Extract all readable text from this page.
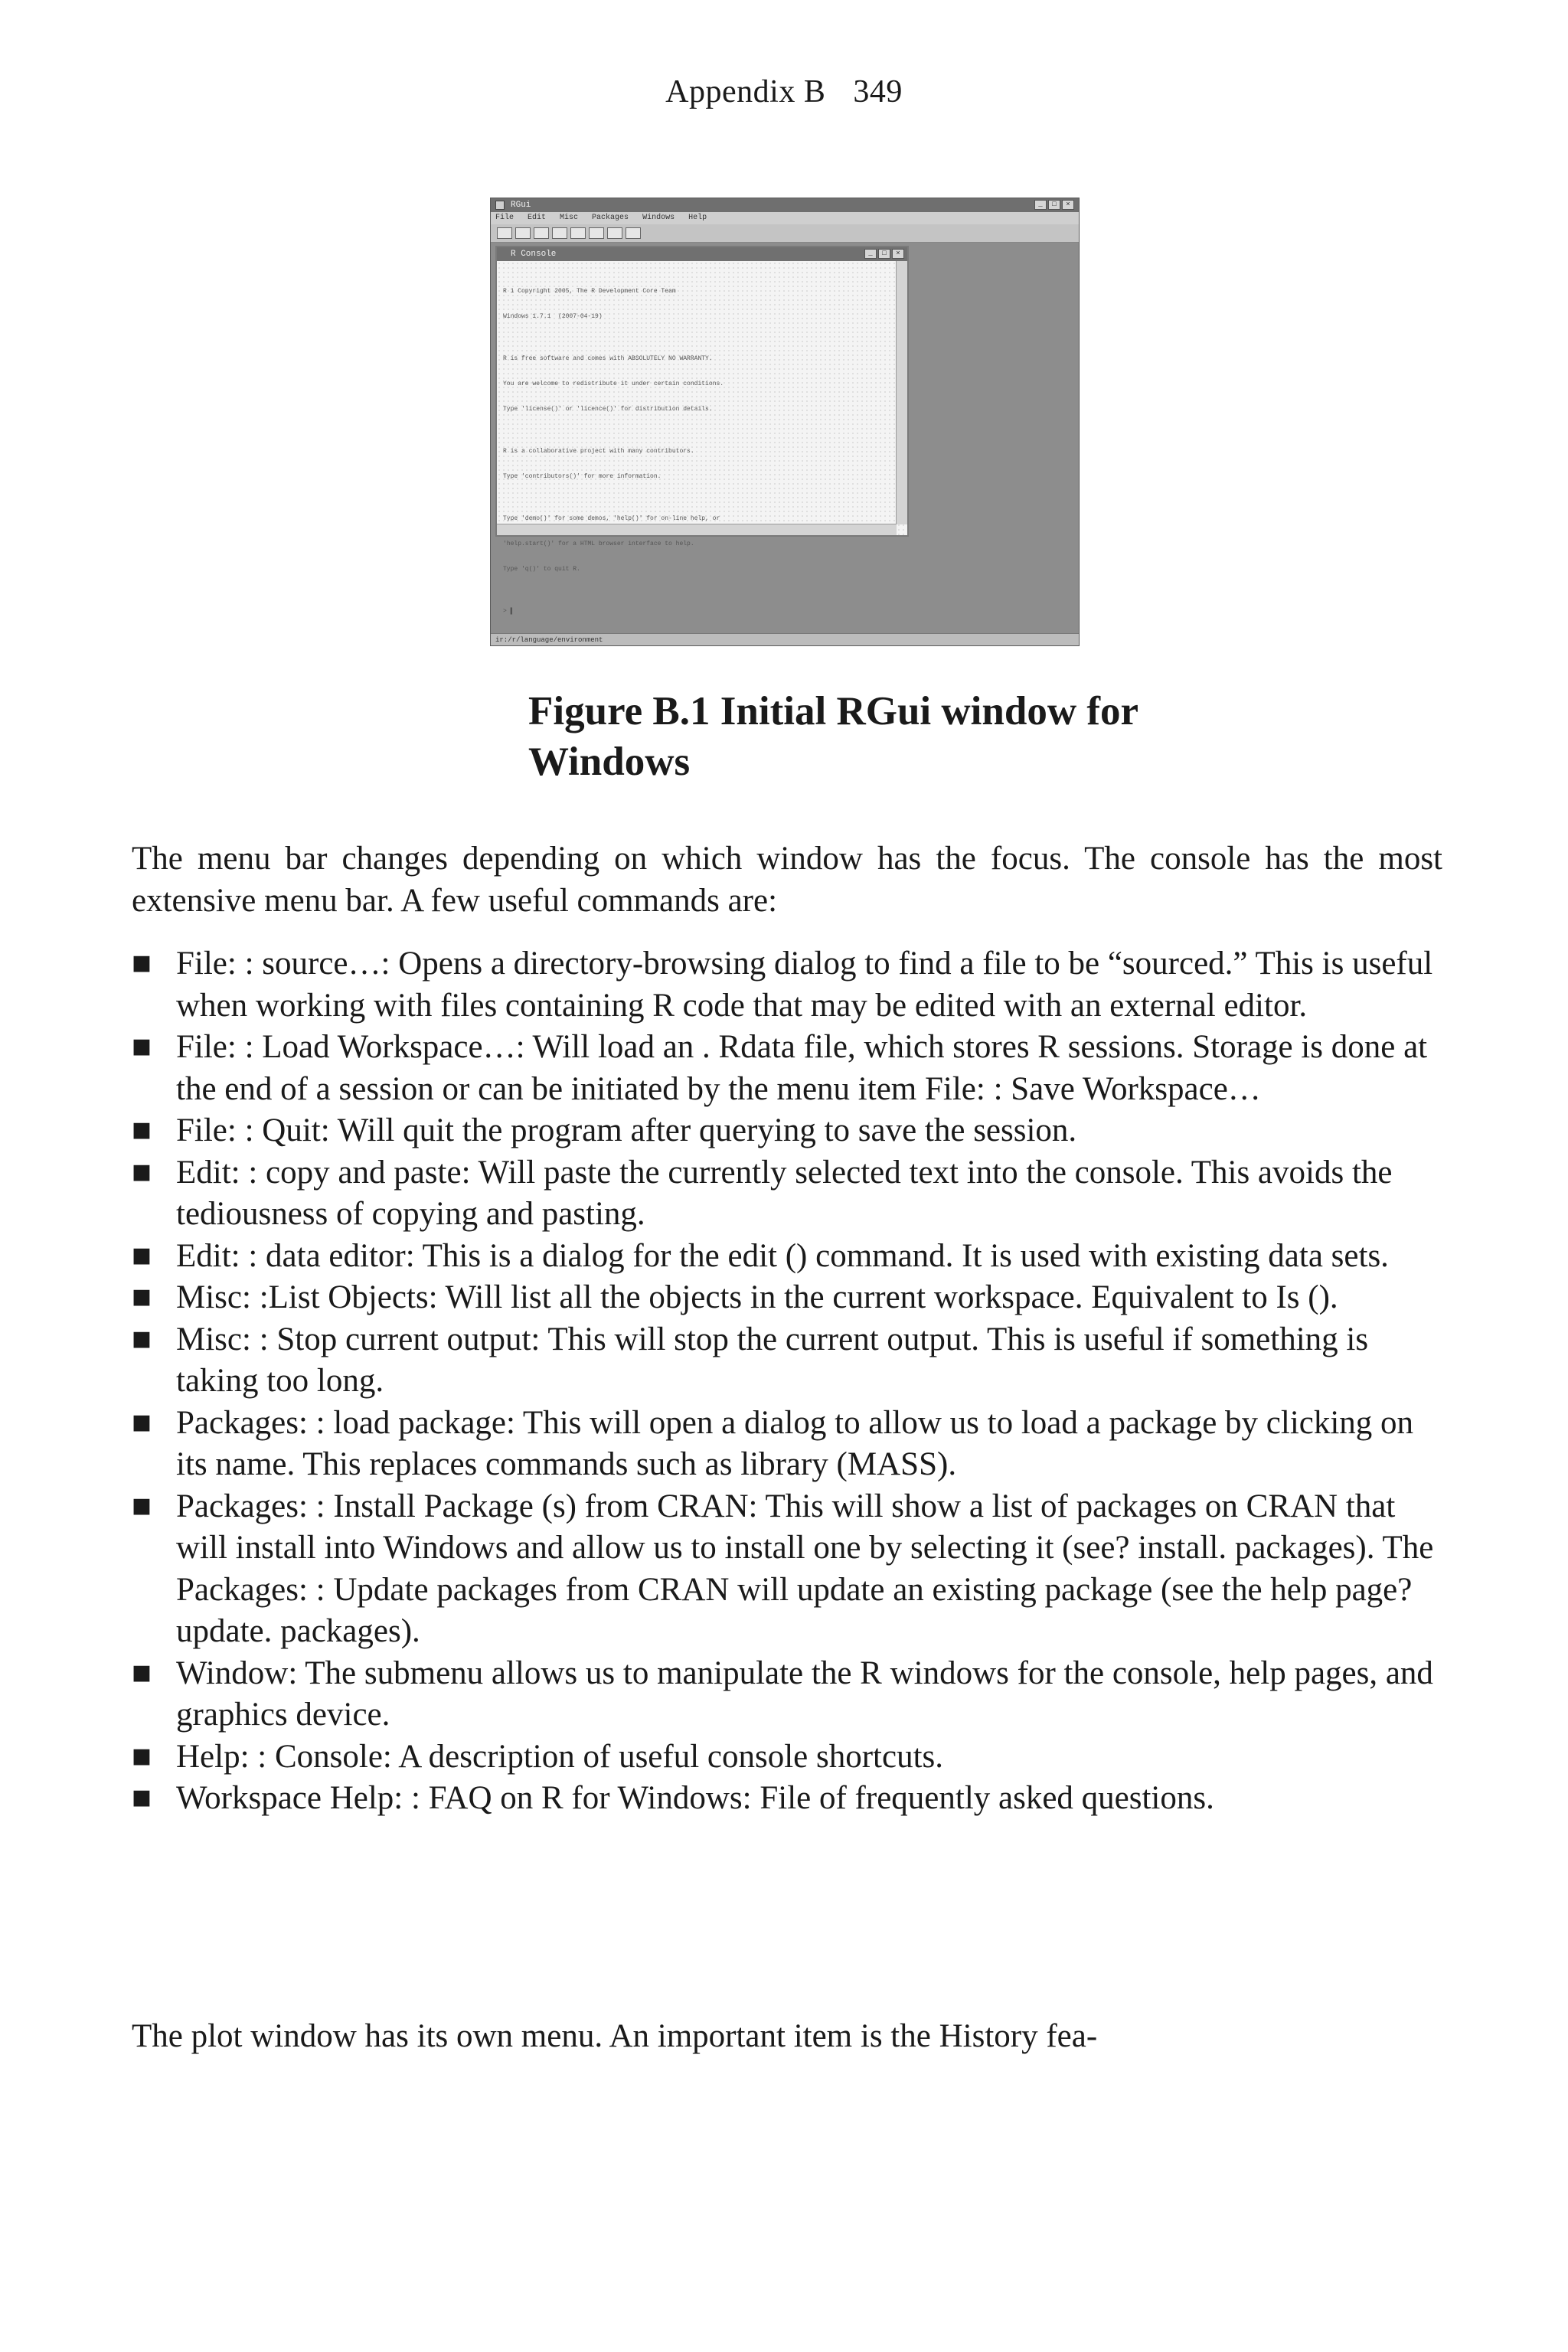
Appendix B 349
RGui	_	□	×
File Edit Misc Packages Windows Help
R Console	_	□	×

R 1 Copyright 2005, The R Development Core Team

Windows 1.7.1  (2007-04-19)

R is free software and comes with ABSOLUTELY NO WARRANTY.

You are welcome to redistribute it under certain conditions.

Type 'license()' or 'licence()' for distribution details.

R is a collaborative project with many contributors.

Type 'contributors()' for more information.

Type 'demo()' for some demos, 'help()' for on-line help, or

'help.start()' for a HTML browser interface to help.

Type 'q()' to quit R.

> ▌

ir:/r/language/environment
Figure B.1 Initial RGui window for Windows
The menu bar changes depending on which window has the focus. The console has the most extensive menu bar. A few useful commands are:
■ File: : source…: Opens a directory-browsing dialog to find a file to be “sourced.” This is useful when working with files containing R code that may be edited with an external editor.
■ File: : Load Workspace…: Will load an . Rdata file, which stores R sessions. Storage is done at the end of a session or can be initiated by the menu item File: : Save Workspace…
■ File: : Quit: Will quit the program after querying to save the session.
■ Edit: : copy and paste: Will paste the currently selected text into the console. This avoids the tediousness of copying and pasting.
■ Edit: : data editor: This is a dialog for the edit () command. It is used with existing data sets.
■ Misc: :List Objects: Will list all the objects in the current workspace. Equivalent to Is ().
■ Misc: : Stop current output: This will stop the current output. This is useful if something is taking too long.
■ Packages: : load package: This will open a dialog to allow us to load a package by clicking on its name. This replaces commands such as library (MASS).
■ Packages: : Install Package (s) from CRAN: This will show a list of packages on CRAN that will install into Windows and allow us to install one by selecting it (see? install. packages). The Packages: : Update packages from CRAN will update an existing package (see the help page? update. packages).
■ Window: The submenu allows us to manipulate the R windows for the console, help pages, and graphics device.
■ Help: : Console: A description of useful console shortcuts.
■ Workspace Help: : FAQ on R for Windows: File of frequently asked questions.
The plot window has its own menu. An important item is the History fea-
